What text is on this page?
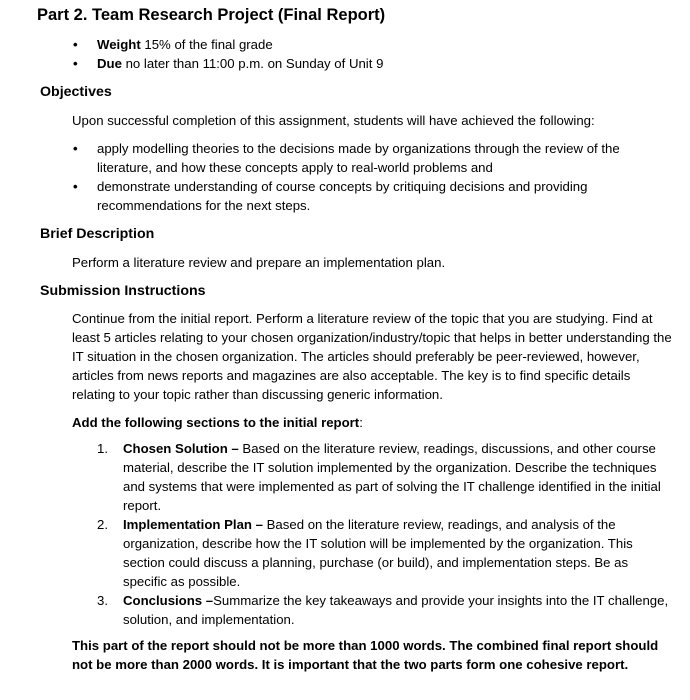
Part 2. Team Research Project (Final Report)
• Weight 15% of the final grade
• Due no later than 11:00 p.m. on Sunday of Unit 9
Objectives

Upon successful completion of this assignment, students will have achieved the following:

• apply modelling theories to the decisions made by organizations through the review of the literature, and how these concepts apply to real-world problems and
• demonstrate understanding of course concepts by critiquing decisions and providing recommendations for the next steps.
Brief Description

Perform a literature review and prepare an implementation plan.

Submission Instructions

Continue from the initial report. Perform a literature review of the topic that you are studying. Find at least 5 articles relating to your chosen organization/industry/topic that helps in better understanding the IT situation in the chosen organization. The articles should preferably be peer-reviewed, however, articles from news reports and magazines are also acceptable. The key is to find specific details relating to your topic rather than discussing generic information.

Add the following sections to the initial report:

1. Chosen Solution – Based on the literature review, readings, discussions, and other course material, describe the IT solution implemented by the organization. Describe the techniques and systems that were implemented as part of solving the IT challenge identified in the initial report.
2. Implementation Plan – Based on the literature review, readings, and analysis of the organization, describe how the IT solution will be implemented by the organization. This section could discuss a planning, purchase (or build), and implementation steps. Be as specific as possible.
3. Conclusions –Summarize the key takeaways and provide your insights into the IT challenge, solution, and implementation.

This part of the report should not be more than 1000 words. The combined final report should not be more than 2000 words. It is important that the two parts form one cohesive report.
